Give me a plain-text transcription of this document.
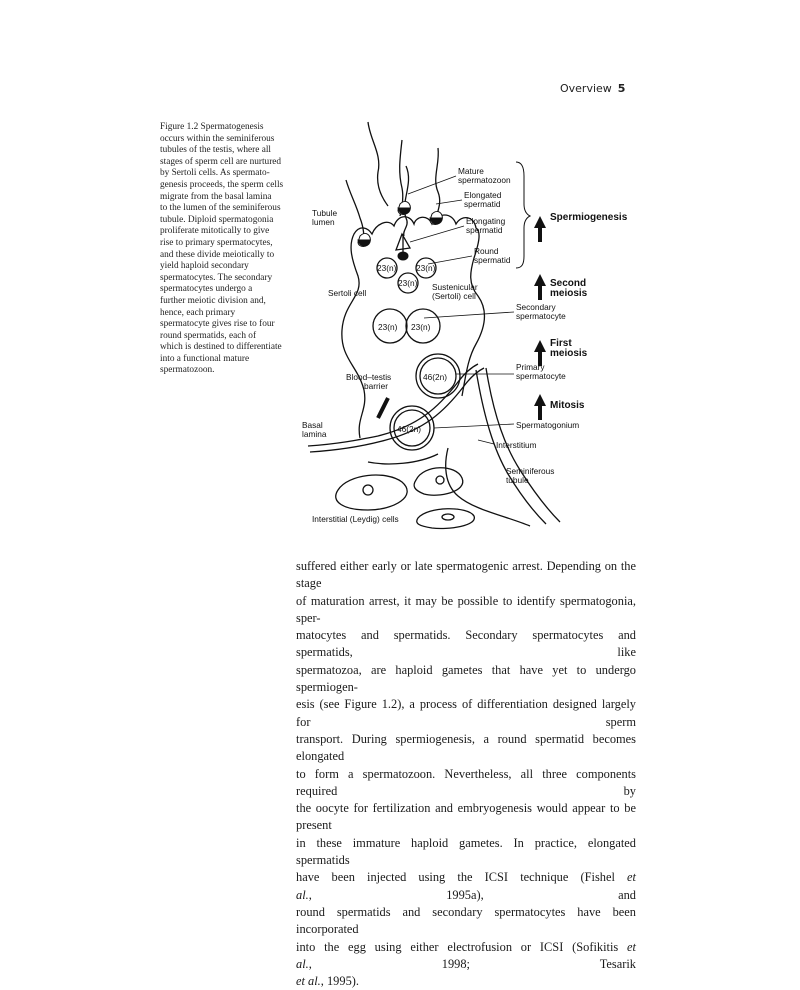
Overview 5
Figure 1.2 Spermatogenesis
occurs within the seminiferous
tubules of the testis, where all
stages of sperm cell are nurtured
by Sertoli cells. As spermato-
genesis proceeds, the sperm cells
migrate from the basal lamina
to the lumen of the seminiferous
tubule. Diploid spermatogonia
proliferate mitotically to give
rise to primary spermatocytes,
and these divide meiotically to
yield haploid secondary
spermatocytes. The secondary
spermatocytes undergo a
further meiotic division and,
hence, each primary
spermatocyte gives rise to four
round spermatids, each of
which is destined to differentiate
into a functional mature
spermatozoon.
23(n) 23(n)
23(n)
23(n) 23(n)
46(2n)
46(2n)
Mature spermatozoon
Elongated spermatid
Elongating spermatid
Round spermatid
Tubule lumen
Sertoli cell
Sustenicular (Sertoli) cell
Secondary spermatocyte
Primary spermatocyte
Blood–testis barrier
Basal lamina
Spermatogonium
Interstitium
Seminiferous tubule
Interstitial (Leydig) cells
Spermiogenesis
Second meiosis
First meiosis
Mitosis
suffered either early or late spermatogenic arrest. Depending on the stage
of maturation arrest, it may be possible to identify spermatogonia, sper-
matocytes and spermatids. Secondary spermatocytes and spermatids, like
spermatozoa, are haploid gametes that have yet to undergo spermiogen-
esis (see Figure 1.2), a process of differentiation designed largely for sperm
transport. During spermiogenesis, a round spermatid becomes elongated
to form a spermatozoon. Nevertheless, all three components required by
the oocyte for fertilization and embryogenesis would appear to be present
in these immature haploid gametes. In practice, elongated spermatids
have been injected using the ICSI technique (Fishel et al., 1995a), and
round spermatids and secondary spermatocytes have been incorporated
into the egg using either electrofusion or ICSI (Sofikitis et al., 1998; Tesarik
et al., 1995).
